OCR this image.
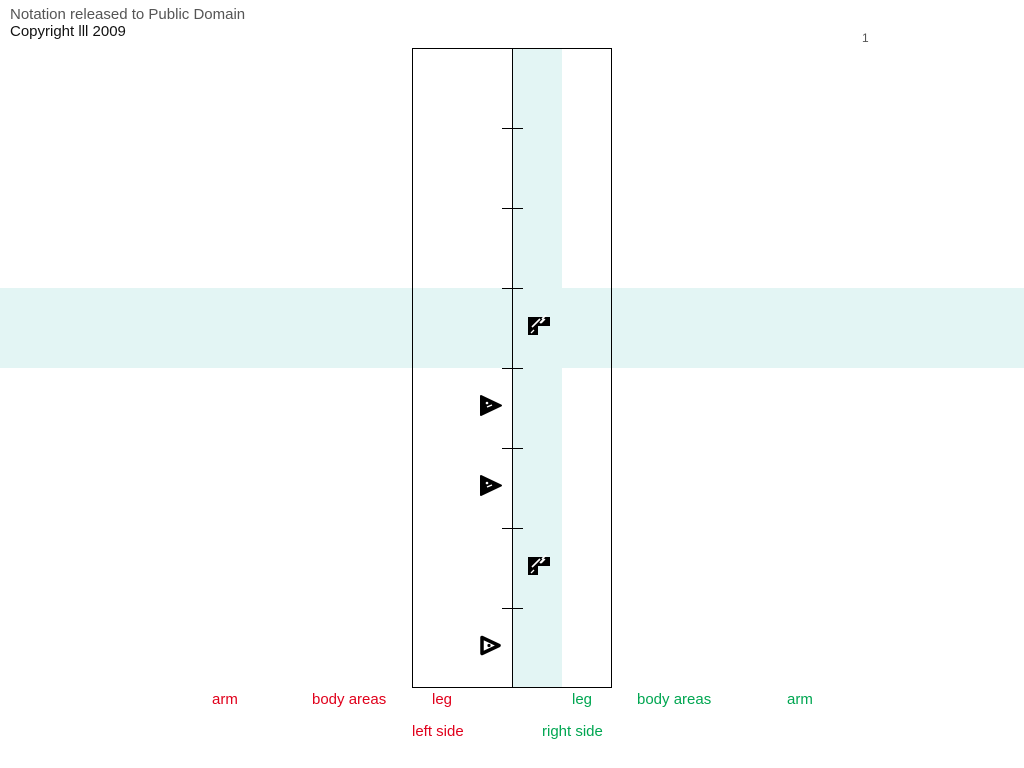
Notation released to Public Domain
Copyright lll 2009	1
arm	body areas	leg	leg	body areas	arm
left side	right side
